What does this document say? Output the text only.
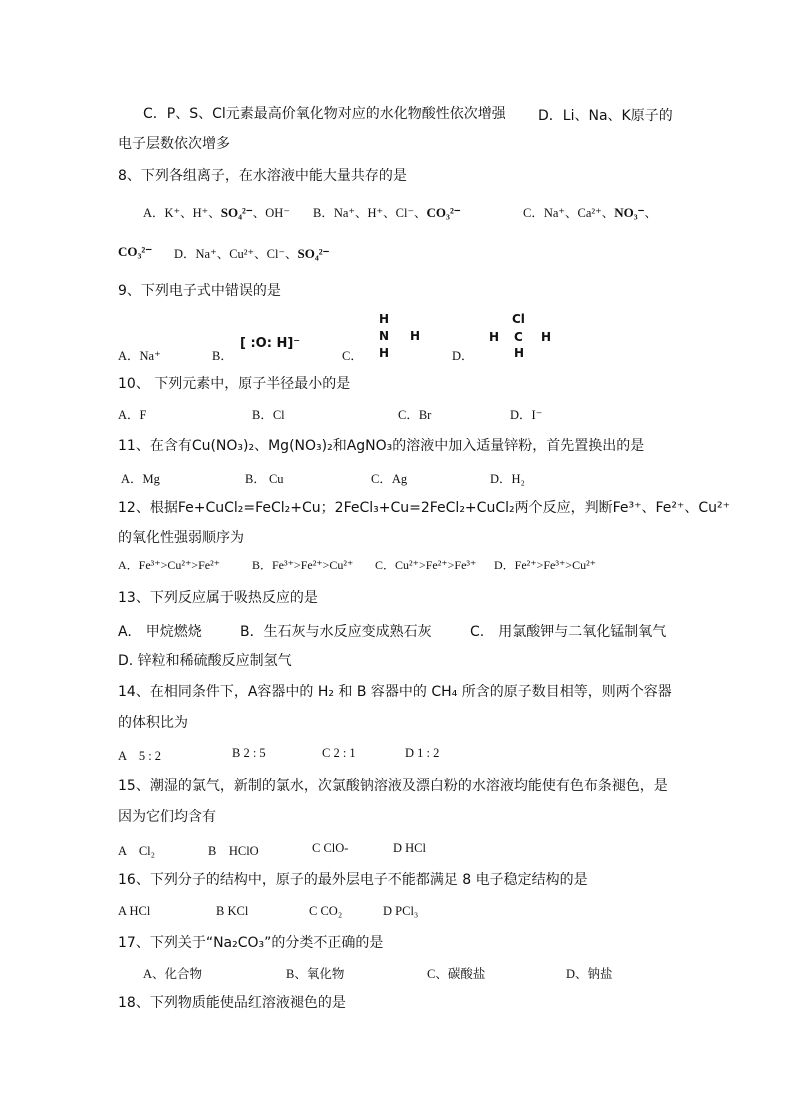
C．P、S、Cl元素最高价氧化物对应的水化物酸性依次增强 D．Li、Na、K原子的
电子层数依次增多
8、下列各组离子，在水溶液中能大量共存的是
A．K⁺、H⁺、SO₄²⁻、OH⁻ B．Na⁺、H⁺、Cl⁻、CO₃²⁻	C．Na⁺、Ca²⁺、NO₃⁻、
CO₃²⁻ D．Na⁺、Cu²⁺、Cl⁻、SO₄²⁻
9、下列电子式中错误的是
A．Na⁺	B．
[ :O: H]⁻
C．
H
N H
H	D．
Cl
H C H
H
10、 下列元素中，原子半径最小的是
A．F	B．Cl	C．Br	D．I⁻
11、在含有Cu(NO₃)₂、Mg(NO₃)₂和AgNO₃的溶液中加入适量锌粉，首先置换出的是
A．Mg	B． Cu	C．Ag	D．H₂
12、根据Fe+CuCl₂=FeCl₂+Cu；2FeCl₃+Cu=2FeCl₂+CuCl₂两个反应，判断Fe³⁺、Fe²⁺、Cu²⁺
的氧化性强弱顺序为
A．Fe³⁺>Cu²⁺>Fe²⁺	B．Fe³⁺>Fe²⁺>Cu²⁺ C．Cu²⁺>Fe²⁺>Fe³⁺ D．Fe²⁺>Fe³⁺>Cu²⁺
13、下列反应属于吸热反应的是
A.　甲烷燃烧	B．生石灰与水反应变成熟石灰	C.　用氯酸钾与二氧化锰制氧气
D. 锌粒和稀硫酸反应制氢气
14、在相同条件下，A容器中的 H₂ 和 B 容器中的 CH₄ 所含的原子数目相等，则两个容器
的体积比为
A　5 : 2	B 2 : 5	C 2 : 1	D 1 : 2
15、潮湿的氯气，新制的氯水，次氯酸钠溶液及漂白粉的水溶液均能使有色布条褪色，是
因为它们均含有
A　Cl₂	B　HClO	C ClO-	D HCl
16、下列分子的结构中，原子的最外层电子不能都满足 8 电子稳定结构的是
A HCl	B KCl	C CO₂	D PCl₃
17、下列关于“Na₂CO₃”的分类不正确的是
A、化合物	B、氧化物	C、碳酸盐	D、钠盐
18、下列物质能使品红溶液褪色的是
